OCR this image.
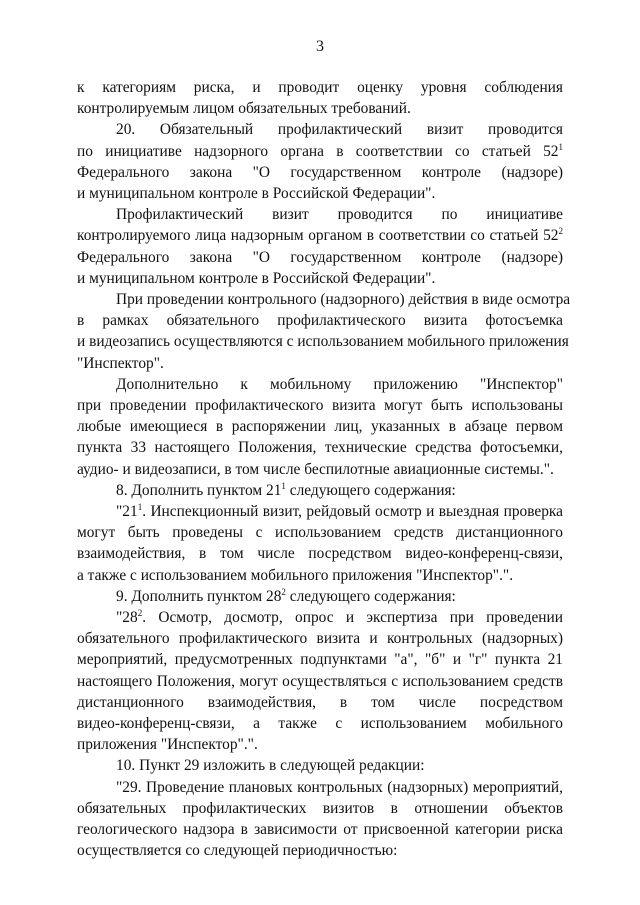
3
к категориям риска, и проводит оценку уровня соблюдения
контролируемым лицом обязательных требований.
20. Обязательный профилактический визит проводится
по инициативе надзорного органа в соответствии со статьей $52^1$
Федерального закона "О государственном контроле (надзоре)
и муниципальном контроле в Российской Федерации".
Профилактический визит проводится по инициативе
контролируемого лица надзорным органом в соответствии со статьей $52^2$
Федерального закона "О государственном контроле (надзоре)
и муниципальном контроле в Российской Федерации".
При проведении контрольного (надзорного) действия в виде осмотра
в рамках обязательного профилактического визита фотосъемка
и видеозапись осуществляются с использованием мобильного приложения
"Инспектор".
Дополнительно к мобильному приложению "Инспектор"
при проведении профилактического визита могут быть использованы
любые имеющиеся в распоряжении лиц, указанных в абзаце первом
пункта 33 настоящего Положения, технические средства фотосъемки,
аудио- и видеозаписи, в том числе беспилотные авиационные системы.".
8. Дополнить пунктом $21^1$ следующего содержания:
"$21^1$. Инспекционный визит, рейдовый осмотр и выездная проверка
могут быть проведены с использованием средств дистанционного
взаимодействия, в том числе посредством видео-конференц-связи,
а также с использованием мобильного приложения "Инспектор".".
9. Дополнить пунктом $28^2$ следующего содержания:
"$28^2$. Осмотр, досмотр, опрос и экспертиза при проведении
обязательного профилактического визита и контрольных (надзорных)
мероприятий, предусмотренных подпунктами "а", "б" и "г" пункта 21
настоящего Положения, могут осуществляться с использованием средств
дистанционного взаимодействия, в том числе посредством
видео-конференц-связи, а также с использованием мобильного
приложения "Инспектор".".
10. Пункт 29 изложить в следующей редакции:
"29. Проведение плановых контрольных (надзорных) мероприятий,
обязательных профилактических визитов в отношении объектов
геологического надзора в зависимости от присвоенной категории риска
осуществляется со следующей периодичностью:
